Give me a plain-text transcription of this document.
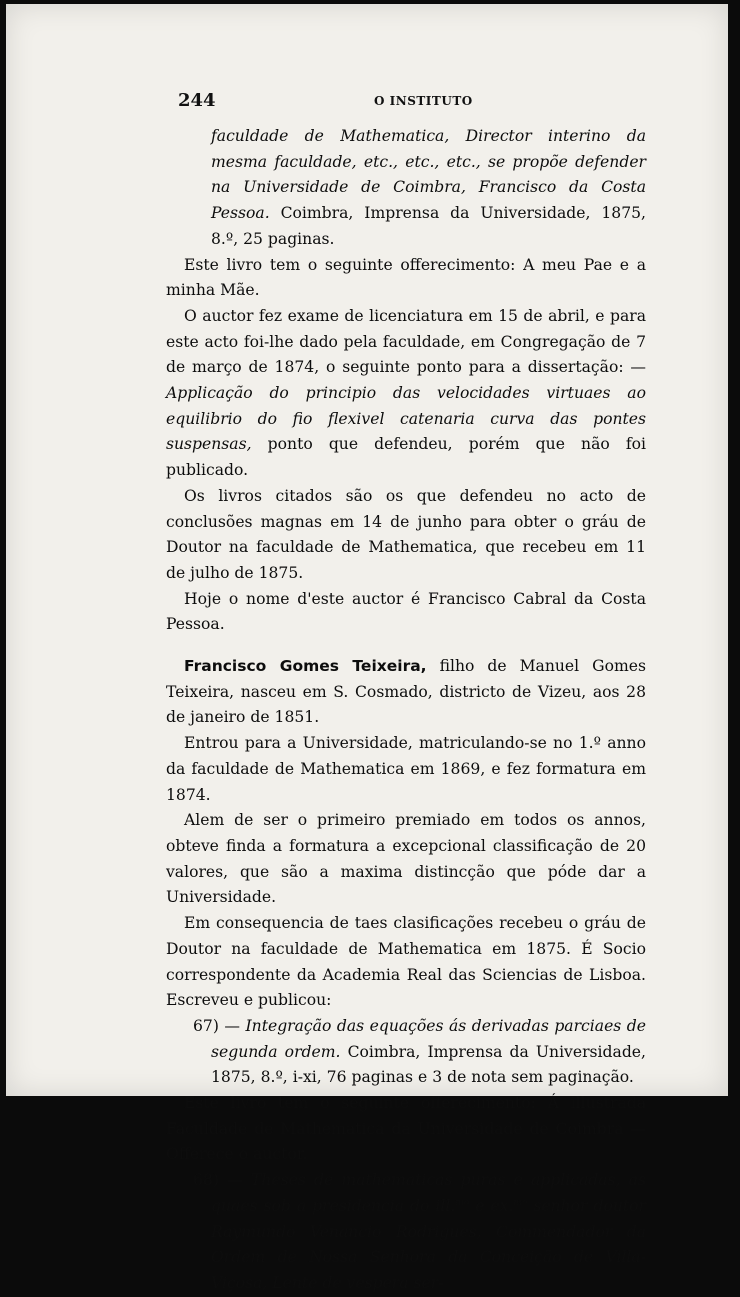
244	O INSTITUTO

faculdade de Mathematica, Director interino da mesma faculdade, etc., etc., etc., se propõe defender na Universidade de Coimbra, Francisco da Costa Pessoa. Coimbra, Imprensa da Universidade, 1875, 8.º, 25 paginas.

Este livro tem o seguinte offerecimento: A meu Pae e a minha Mãe.

O auctor fez exame de licenciatura em 15 de abril, e para este acto foi-lhe dado pela faculdade, em Congregação de 7 de março de 1874, o seguinte ponto para a dissertação: — Applicação do principio das velocidades virtuaes ao equilibrio do fio flexivel catenaria curva das pontes suspensas, ponto que defendeu, porém que não foi publicado.

Os livros citados são os que defendeu no acto de conclusões magnas em 14 de junho para obter o gráu de Doutor na faculdade de Mathematica, que recebeu em 11 de julho de 1875.

Hoje o nome d'este auctor é Francisco Cabral da Costa Pessoa.

Francisco Gomes Teixeira, filho de Manuel Gomes Teixeira, nasceu em S. Cosmado, districto de Vizeu, aos 28 de janeiro de 1851.

Entrou para a Universidade, matriculando-se no 1.º anno da faculdade de Mathematica em 1869, e fez formatura em 1874.

Alem de ser o primeiro premiado em todos os annos, obteve finda a formatura a excepcional classificação de 20 valores, que são a maxima distincção que póde dar a Universidade.

Em consequencia de taes clasificações recebeu o gráu de Doutor na faculdade de Mathematica em 1875. É Socio correspondente da Academia Real das Sciencias de Lisboa. Escreveu e publicou:

67) — Integração das equações ás derivadas parciaes de segunda ordem. Coimbra, Imprensa da Universidade, 1875, 8.º, i-xi, 76 paginas e 3 de nota sem paginação.

Este livro tem o seguinte offerecimento: Á illustrada Faculdade de Mathematica da Universidade de Coimbra — Offerece o auctor.

68) — Theses de mathematicas puras e applicadas, as quaes sob a presidencia do ill.$^{mo}$ e ex.$^{mo}$ senhor doutor Raymundo Venancio Rodrigues, Commendador da Ordem de Nossa Senhora da Conceição de Villa-Viçosa, Lente de vespera ser-
